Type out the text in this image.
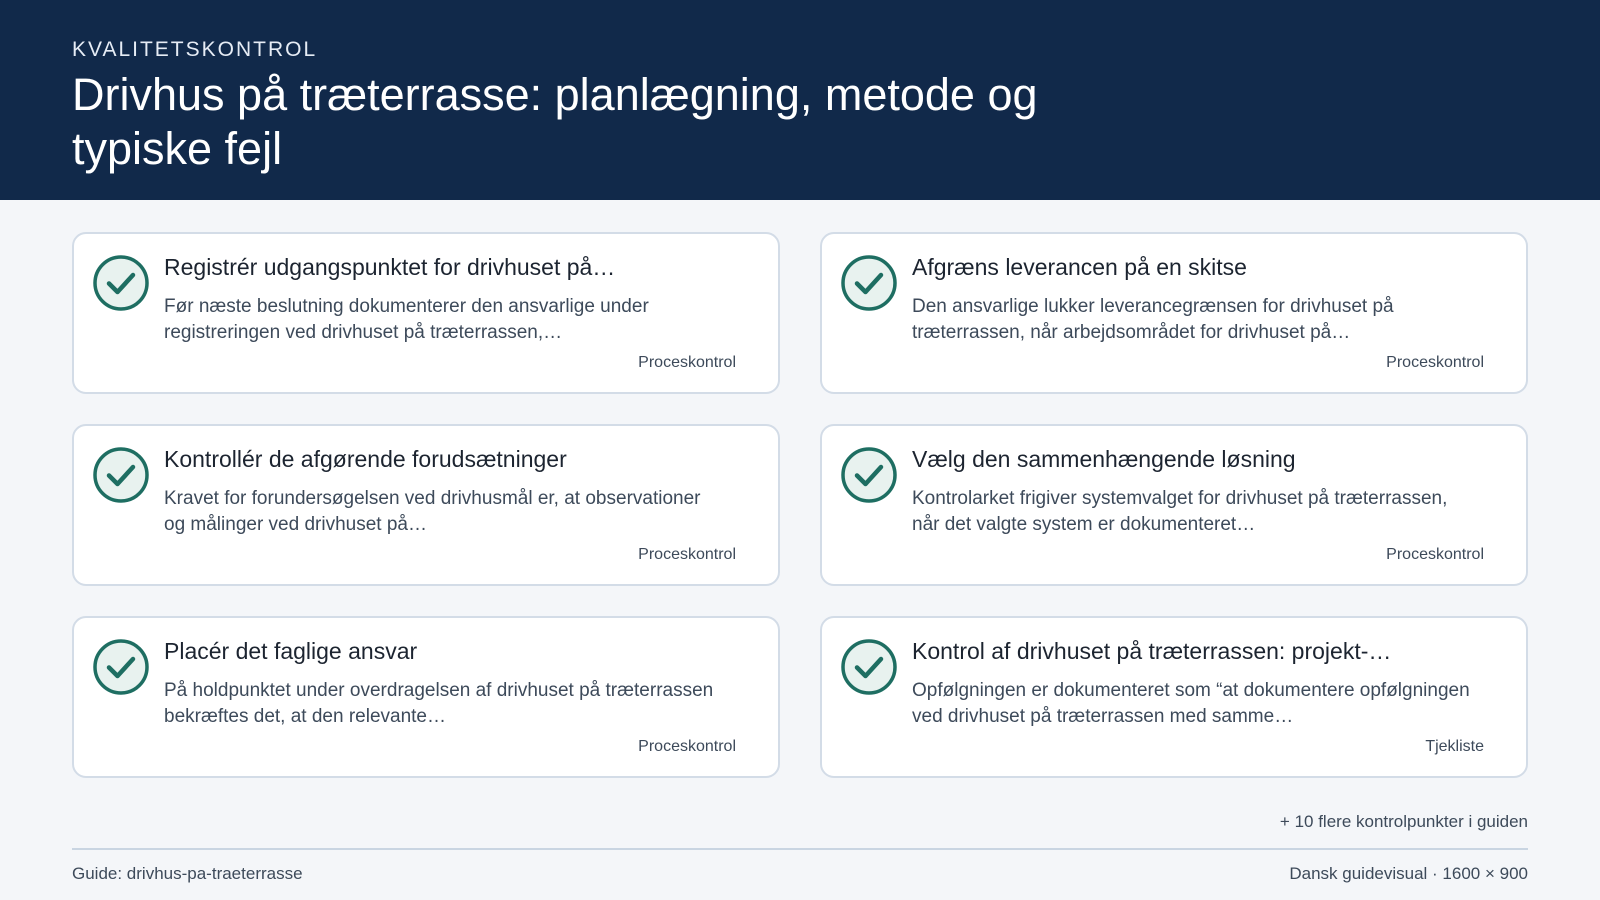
KVALITETSKONTROL
Drivhus på træterrasse: planlægning, metode og typiske fejl
Registrér udgangspunktet for drivhuset på…
Før næste beslutning dokumenterer den ansvarlige under registreringen ved drivhuset på træterrassen,…
Proceskontrol
Afgræns leverancen på en skitse
Den ansvarlige lukker leverancegrænsen for drivhuset på træterrassen, når arbejdsområdet for drivhuset på…
Proceskontrol
Kontrollér de afgørende forudsætninger
Kravet for forundersøgelsen ved drivhusmål er, at observationer og målinger ved drivhuset på…
Proceskontrol
Vælg den sammenhængende løsning
Kontrolarket frigiver systemvalget for drivhuset på træterrassen, når det valgte system er dokumenteret…
Proceskontrol
Placér det faglige ansvar
På holdpunktet under overdragelsen af drivhuset på træterrassen bekræftes det, at den relevante…
Proceskontrol
Kontrol af drivhuset på træterrassen: projekt-…
Opfølgningen er dokumenteret som “at dokumentere opfølgningen ved drivhuset på træterrassen med samme…
Tjekliste
+ 10 flere kontrolpunkter i guiden
Guide: drivhus-pa-traeterrasse	Dansk guidevisual · 1600 × 900
